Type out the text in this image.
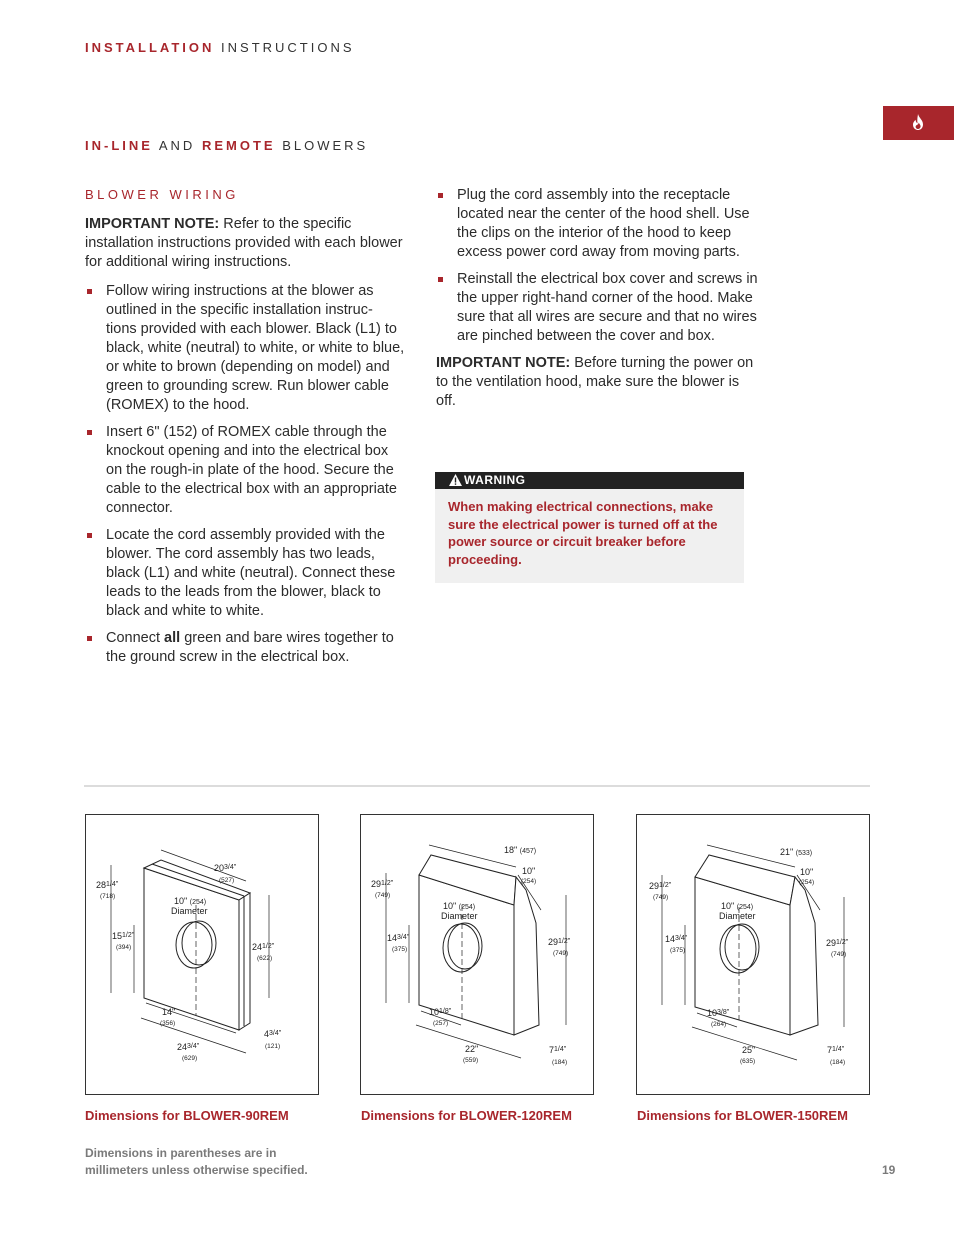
INSTALLATION INSTRUCTIONS
IN-LINE AND REMOTE BLOWERS
BLOWER WIRING

IMPORTANT NOTE: Refer to the specific installation instructions provided with each blower for additional wiring instructions.

Follow wiring instructions at the blower as outlined in the specific installation instruc- tions provided with each blower. Black (L1) to black, white (neutral) to white, or white to blue, or white to brown (depending on model) and green to grounding screw. Run blower cable (ROMEX) to the hood.
Insert 6" (152) of ROMEX cable through the knockout opening and into the electrical box on the rough-in plate of the hood. Secure the cable to the electrical box with an appropriate connector.
Locate the cord assembly provided with the blower. The cord assembly has two leads, black (L1) and white (neutral). Connect these leads to the leads from the blower, black to black and white to white.
Connect all green and bare wires together to the ground screw in the electrical box.
Plug the cord assembly into the receptacle located near the center of the hood shell. Use the clips on the interior of the hood to keep excess power cord away from moving parts.
Reinstall the electrical box cover and screws in the upper right-hand corner of the hood. Make sure that all wires are secure and that no wires are pinched between the cover and box.

IMPORTANT NOTE: Before turning the power on to the ventilation hood, make sure the blower is off.

WARNING
When making electrical connections, make sure the electrical power is turned off at the power source or circuit breaker before proceeding.
$20^3/4$"
(527)
$28^1/4$"
(718)	10" (254)
Diameter
$15^1/2$"
(394)	$24^1/2$"
(622)
14"
(356)
$24^3/4$"
(629)
$4^3/4$"
(121)
18" (457)
10"
(254)
$29^1/2$"
(749)
10" (254)
Diameter
$14^3/4$"
(375)
$29^1/2$"
(749)
$10^1/8$"
(257)
22"
(559)
$7^1/4$"
(184)
21" (533)
10"
(254)
$29^1/2$"
(749)
10" (254)
Diameter
$14^3/4$"
(375)
$29^1/2$"
(749)
$10^3/8$"
(264)
25"
(635)
$7^1/4$"
(184)
Dimensions for BLOWER-90REM	Dimensions for BLOWER-120REM	Dimensions for BLOWER-150REM
Dimensions in parentheses are in
millimeters unless otherwise specified.	19
